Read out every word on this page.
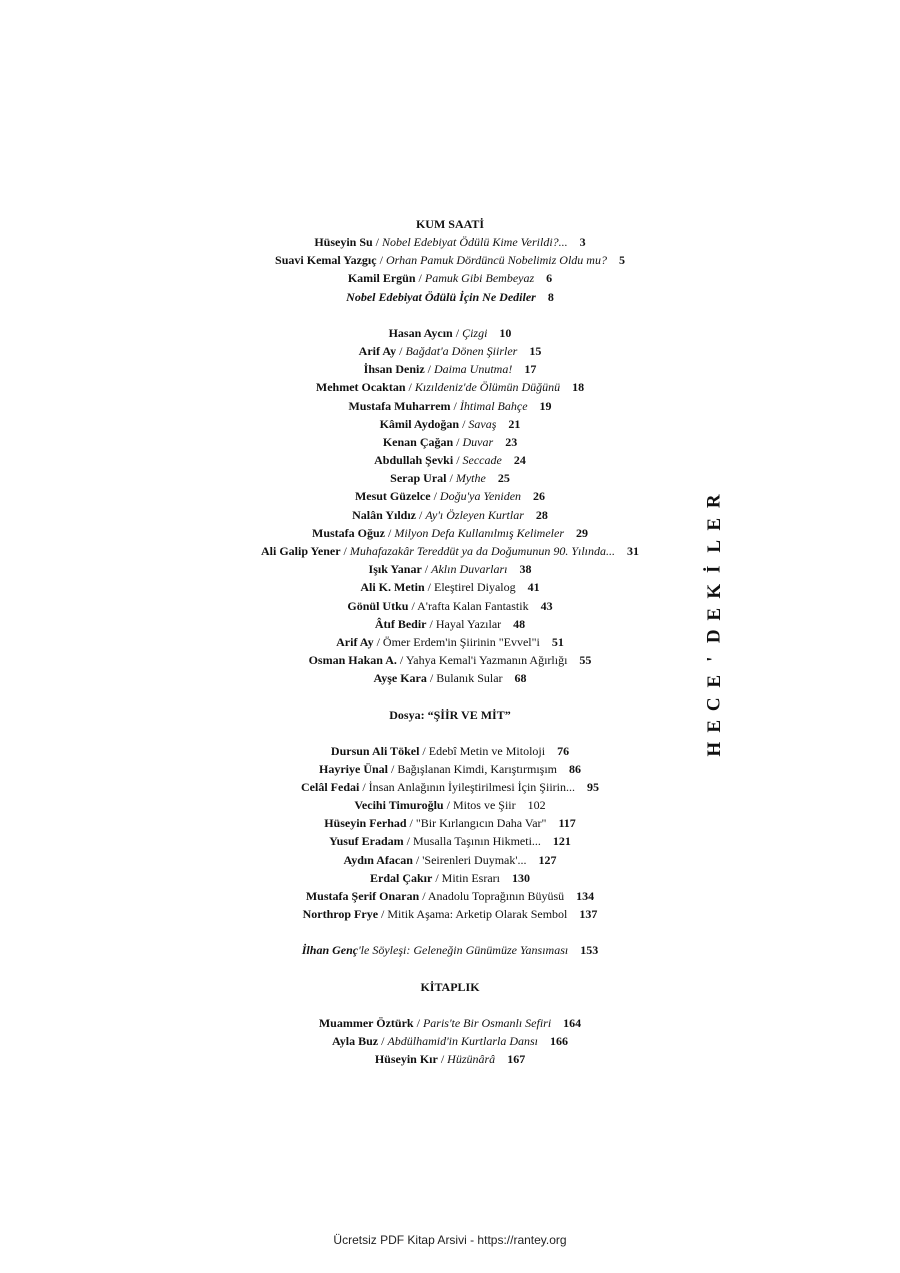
KUM SAATİ
Hüseyin Su / Nobel Edebiyat Ödülü Kime Verildi?... 3
Suavi Kemal Yazgıç / Orhan Pamuk Dördüncü Nobelimiz Oldu mu? 5
Kamil Ergün / Pamuk Gibi Bembeyaz 6
Nobel Edebiyat Ödülü İçin Ne Dediler 8
Hasan Aycın / Çizgi 10
Arif Ay / Bağdat'a Dönen Şiirler 15
İhsan Deniz / Daima Unutma! 17
Mehmet Ocaktan / Kızıldeniz'de Ölümün Düğünü 18
Mustafa Muharrem / İhtimal Bahçe 19
Kâmil Aydoğan / Savaş 21
Kenan Çağan / Duvar 23
Abdullah Şevki / Seccade 24
Serap Ural / Mythe 25
Mesut Güzelce / Doğu'ya Yeniden 26
Nalân Yıldız / Ay'ı Özleyen Kurtlar 28
Mustafa Oğuz / Milyon Defa Kullanılmış Kelimeler 29
Ali Galip Yener / Muhafazakâr Tereddüt ya da Doğumunun 90. Yılında... 31
Işık Yanar / Aklın Duvarları 38
Ali K. Metin / Eleştirel Diyalog 41
Gönül Utku / A'rafta Kalan Fantastik 43
Âtıf Bedir / Hayal Yazılar 48
Arif Ay / Ömer Erdem'in Şiirinin "Evvel"i 51
Osman Hakan A. / Yahya Kemal'i Yazmanın Ağırlığı 55
Ayşe Kara / Bulanık Sular 68
Dosya: “ŞİİR VE MİT”
Dursun Ali Tökel / Edebî Metin ve Mitoloji 76
Hayriye Ünal / Bağışlanan Kimdi, Karıştırmışım 86
Celâl Fedai / İnsan Anlağının İyileştirilmesi İçin Şiirin... 95
Vecihi Timuroğlu / Mitos ve Şiir 102
Hüseyin Ferhad / "Bir Kırlangıcın Daha Var" 117
Yusuf Eradam / Musalla Taşının Hikmeti... 121
Aydın Afacan / 'Seirenleri Duymak'... 127
Erdal Çakır / Mitin Esrarı 130
Mustafa Şerif Onaran / Anadolu Toprağının Büyüsü 134
Northrop Frye / Mitik Aşama: Arketip Olarak Sembol 137
İlhan Genç'le Söyleşi: Geleneğin Günümüze Yansıması 153
KİTAPLIK
Muammer Öztürk / Paris'te Bir Osmanlı Sefiri 164
Ayla Buz / Abdülhamid'in Kurtlarla Dansı 166
Hüseyin Kır / Hüzünârâ 167
R
E
L
İ
K
E
D
'
E
C
E
H
Ücretsiz PDF Kitap Arsivi - https://rantey.org
